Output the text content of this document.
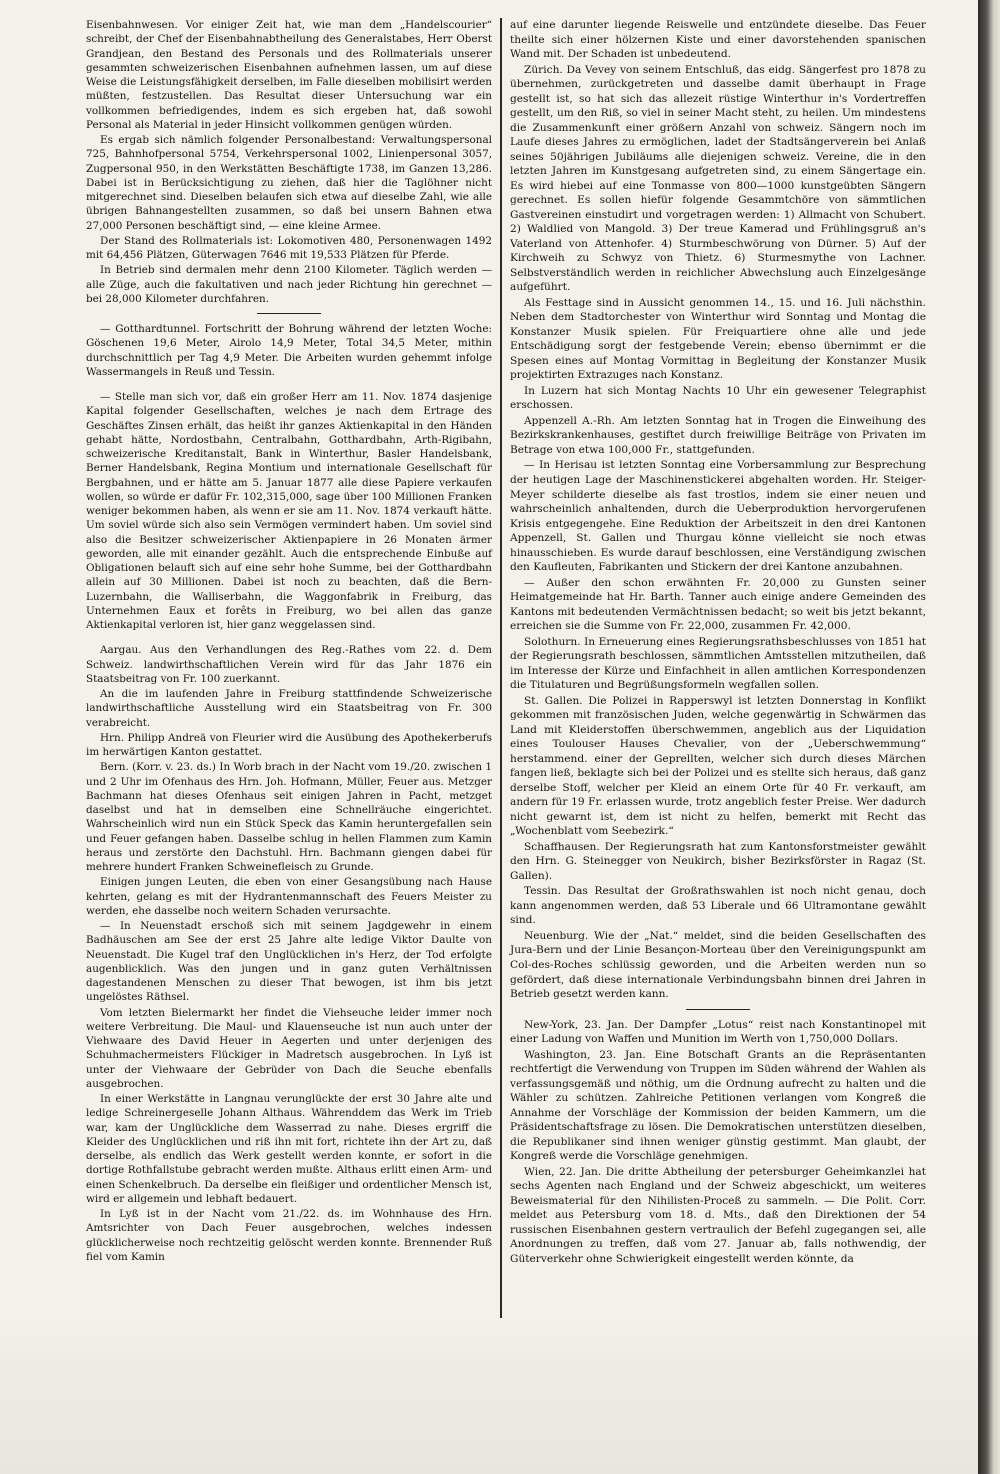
Eisenbahnwesen. Vor einiger Zeit hat, wie man dem „Handelscourier“ schreibt, der Chef der Eisenbahnabtheilung des Generalstabes, Herr Oberst Grandjean, den Bestand des Personals und des Rollmaterials unserer gesammten schweizerischen Eisenbahnen aufnehmen lassen, um auf diese Weise die Leistungsfähigkeit derselben, im Falle dieselben mobilisirt werden müßten, festzustellen. Das Resultat dieser Untersuchung war ein vollkommen befriedigendes, indem es sich ergeben hat, daß sowohl Personal als Material in jeder Hinsicht vollkommen genügen würden.

Es ergab sich nämlich folgender Personalbestand: Verwaltungspersonal 725, Bahnhofpersonal 5754, Verkehrspersonal 1002, Linienpersonal 3057, Zugpersonal 950, in den Werkstätten Beschäftigte 1738, im Ganzen 13,286. Dabei ist in Berücksichtigung zu ziehen, daß hier die Taglöhner nicht mitgerechnet sind. Dieselben belaufen sich etwa auf dieselbe Zahl, wie alle übrigen Bahnangestellten zusammen, so daß bei unsern Bahnen etwa 27,000 Personen beschäftigt sind, — eine kleine Armee.

Der Stand des Rollmaterials ist: Lokomotiven 480, Personenwagen 1492 mit 64,456 Plätzen, Güterwagen 7646 mit 19,533 Plätzen für Pferde.

In Betrieb sind dermalen mehr denn 2100 Kilometer. Täglich werden — alle Züge, auch die fakultativen und nach jeder Richtung hin gerechnet — bei 28,000 Kilometer durchfahren.

— Gotthardtunnel. Fortschritt der Bohrung während der letzten Woche: Göschenen 19,6 Meter, Airolo 14,9 Meter, Total 34,5 Meter, mithin durchschnittlich per Tag 4,9 Meter. Die Arbeiten wurden gehemmt infolge Wassermangels in Reuß und Tessin.

— Stelle man sich vor, daß ein großer Herr am 11. Nov. 1874 dasjenige Kapital folgender Gesellschaften, welches je nach dem Ertrage des Geschäftes Zinsen erhält, das heißt ihr ganzes Aktienkapital in den Händen gehabt hätte, Nordostbahn, Centralbahn, Gotthardbahn, Arth-Rigibahn, schweizerische Kreditanstalt, Bank in Winterthur, Basler Handelsbank, Berner Handelsbank, Regina Montium und internationale Gesellschaft für Bergbahnen, und er hätte am 5. Januar 1877 alle diese Papiere verkaufen wollen, so würde er dafür Fr. 102,315,000, sage über 100 Millionen Franken weniger bekommen haben, als wenn er sie am 11. Nov. 1874 verkauft hätte. Um soviel würde sich also sein Vermögen vermindert haben. Um soviel sind also die Besitzer schweizerischer Aktienpapiere in 26 Monaten ärmer geworden, alle mit einander gezählt. Auch die entsprechende Einbuße auf Obligationen belauft sich auf eine sehr hohe Summe, bei der Gotthardbahn allein auf 30 Millionen. Dabei ist noch zu beachten, daß die Bern-Luzernbahn, die Walliserbahn, die Waggonfabrik in Freiburg, das Unternehmen Eaux et forêts in Freiburg, wo bei allen das ganze Aktienkapital verloren ist, hier ganz weggelassen sind.

Aargau. Aus den Verhandlungen des Reg.-Rathes vom 22. d. Dem Schweiz. landwirthschaftlichen Verein wird für das Jahr 1876 ein Staatsbeitrag von Fr. 100 zuerkannt.

An die im laufenden Jahre in Freiburg stattfindende Schweizerische landwirthschaftliche Ausstellung wird ein Staatsbeitrag von Fr. 300 verabreicht.

Hrn. Philipp Andreä von Fleurier wird die Ausübung des Apothekerberufs im herwärtigen Kanton gestattet.

Bern. (Korr. v. 23. ds.) In Worb brach in der Nacht vom 19./20. zwischen 1 und 2 Uhr im Ofenhaus des Hrn. Joh. Hofmann, Müller, Feuer aus. Metzger Bachmann hat dieses Ofenhaus seit einigen Jahren in Pacht, metzget daselbst und hat in demselben eine Schnellräuche eingerichtet. Wahrscheinlich wird nun ein Stück Speck das Kamin heruntergefallen sein und Feuer gefangen haben. Dasselbe schlug in hellen Flammen zum Kamin heraus und zerstörte den Dachstuhl. Hrn. Bachmann giengen dabei für mehrere hundert Franken Schweinefleisch zu Grunde.

Einigen jungen Leuten, die eben von einer Gesangsübung nach Hause kehrten, gelang es mit der Hydrantenmannschaft des Feuers Meister zu werden, ehe dasselbe noch weitern Schaden verursachte.

— In Neuenstadt erschoß sich mit seinem Jagdgewehr in einem Badhäuschen am See der erst 25 Jahre alte ledige Viktor Daulte von Neuenstadt. Die Kugel traf den Unglücklichen in's Herz, der Tod erfolgte augenblicklich. Was den jungen und in ganz guten Verhältnissen dagestandenen Menschen zu dieser That bewogen, ist ihm bis jetzt ungelöstes Räthsel.

Vom letzten Bielermarkt her findet die Viehseuche leider immer noch weitere Verbreitung. Die Maul- und Klauenseuche ist nun auch unter der Viehwaare des David Heuer in Aegerten und unter derjenigen des Schuhmachermeisters Flückiger in Madretsch ausgebrochen. In Lyß ist unter der Viehwaare der Gebrüder von Dach die Seuche ebenfalls ausgebrochen.

In einer Werkstätte in Langnau verunglückte der erst 30 Jahre alte und ledige Schreinergeselle Johann Althaus. Währenddem das Werk im Trieb war, kam der Unglückliche dem Wasserrad zu nahe. Dieses ergriff die Kleider des Unglücklichen und riß ihn mit fort, richtete ihn der Art zu, daß derselbe, als endlich das Werk gestellt werden konnte, er sofort in die dortige Rothfallstube gebracht werden mußte. Althaus erlitt einen Arm- und einen Schenkelbruch. Da derselbe ein fleißiger und ordentlicher Mensch ist, wird er allgemein und lebhaft bedauert.

In Lyß ist in der Nacht vom 21./22. ds. im Wohnhause des Hrn. Amtsrichter von Dach Feuer ausgebrochen, welches indessen glücklicherweise noch rechtzeitig gelöscht werden konnte. Brennender Ruß fiel vom Kamin

auf eine darunter liegende Reiswelle und entzündete dieselbe. Das Feuer theilte sich einer hölzernen Kiste und einer davorstehenden spanischen Wand mit. Der Schaden ist unbedeutend.

Zürich. Da Vevey von seinem Entschluß, das eidg. Sängerfest pro 1878 zu übernehmen, zurückgetreten und dasselbe damit überhaupt in Frage gestellt ist, so hat sich das allezeit rüstige Winterthur in's Vordertreffen gestellt, um den Riß, so viel in seiner Macht steht, zu heilen. Um mindestens die Zusammenkunft einer größern Anzahl von schweiz. Sängern noch im Laufe dieses Jahres zu ermöglichen, ladet der Stadtsängerverein bei Anlaß seines 50jährigen Jubiläums alle diejenigen schweiz. Vereine, die in den letzten Jahren im Kunstgesang aufgetreten sind, zu einem Sängertage ein. Es wird hiebei auf eine Tonmasse von 800—1000 kunstgeübten Sängern gerechnet. Es sollen hiefür folgende Gesammtchöre von sämmtlichen Gastvereinen einstudirt und vorgetragen werden: 1) Allmacht von Schubert. 2) Waldlied von Mangold. 3) Der treue Kamerad und Frühlingsgruß an's Vaterland von Attenhofer. 4) Sturmbeschwörung von Dürner. 5) Auf der Kirchweih zu Schwyz von Thietz. 6) Sturmesmythe von Lachner. Selbstverständlich werden in reichlicher Abwechslung auch Einzelgesänge aufgeführt.

Als Festtage sind in Aussicht genommen 14., 15. und 16. Juli nächsthin. Neben dem Stadtorchester von Winterthur wird Sonntag und Montag die Konstanzer Musik spielen. Für Freiquartiere ohne alle und jede Entschädigung sorgt der festgebende Verein; ebenso übernimmt er die Spesen eines auf Montag Vormittag in Begleitung der Konstanzer Musik projektirten Extrazuges nach Konstanz.

In Luzern hat sich Montag Nachts 10 Uhr ein gewesener Telegraphist erschossen.

Appenzell A.-Rh. Am letzten Sonntag hat in Trogen die Einweihung des Bezirkskrankenhauses, gestiftet durch freiwillige Beiträge von Privaten im Betrage von etwa 100,000 Fr., stattgefunden.

— In Herisau ist letzten Sonntag eine Vorbersammlung zur Besprechung der heutigen Lage der Maschinenstickerei abgehalten worden. Hr. Steiger-Meyer schilderte dieselbe als fast trostlos, indem sie einer neuen und wahrscheinlich anhaltenden, durch die Ueberproduktion hervorgerufenen Krisis entgegengehe. Eine Reduktion der Arbeitszeit in den drei Kantonen Appenzell, St. Gallen und Thurgau könne vielleicht sie noch etwas hinausschieben. Es wurde darauf beschlossen, eine Verständigung zwischen den Kaufleuten, Fabrikanten und Stickern der drei Kantone anzubahnen.

— Außer den schon erwähnten Fr. 20,000 zu Gunsten seiner Heimatgemeinde hat Hr. Barth. Tanner auch einige andere Gemeinden des Kantons mit bedeutenden Vermächtnissen bedacht; so weit bis jetzt bekannt, erreichen sie die Summe von Fr. 22,000, zusammen Fr. 42,000.

Solothurn. In Erneuerung eines Regierungsrathsbeschlusses von 1851 hat der Regierungsrath beschlossen, sämmtlichen Amtsstellen mitzutheilen, daß im Interesse der Kürze und Einfachheit in allen amtlichen Korrespondenzen die Titulaturen und Begrüßungsformeln wegfallen sollen.

St. Gallen. Die Polizei in Rapperswyl ist letzten Donnerstag in Konflikt gekommen mit französischen Juden, welche gegenwärtig in Schwärmen das Land mit Kleiderstoffen überschwemmen, angeblich aus der Liquidation eines Toulouser Hauses Chevalier, von der „Ueberschwemmung“ herstammend. einer der Geprellten, welcher sich durch dieses Märchen fangen ließ, beklagte sich bei der Polizei und es stellte sich heraus, daß ganz derselbe Stoff, welcher per Kleid an einem Orte für 40 Fr. verkauft, am andern für 19 Fr. erlassen wurde, trotz angeblich fester Preise. Wer dadurch nicht gewarnt ist, dem ist nicht zu helfen, bemerkt mit Recht das „Wochenblatt vom Seebezirk.“

Schaffhausen. Der Regierungsrath hat zum Kantonsforstmeister gewählt den Hrn. G. Steinegger von Neukirch, bisher Bezirksförster in Ragaz (St. Gallen).

Tessin. Das Resultat der Großrathswahlen ist noch nicht genau, doch kann angenommen werden, daß 53 Liberale und 66 Ultramontane gewählt sind.

Neuenburg. Wie der „Nat.“ meldet, sind die beiden Gesellschaften des Jura-Bern und der Linie Besançon-Morteau über den Vereinigungspunkt am Col-des-Roches schlüssig geworden, und die Arbeiten werden nun so gefördert, daß diese internationale Verbindungsbahn binnen drei Jahren in Betrieb gesetzt werden kann.

New-York, 23. Jan. Der Dampfer „Lotus“ reist nach Konstantinopel mit einer Ladung von Waffen und Munition im Werth von 1,750,000 Dollars.

Washington, 23. Jan. Eine Botschaft Grants an die Repräsentanten rechtfertigt die Verwendung von Truppen im Süden während der Wahlen als verfassungsgemäß und nöthig, um die Ordnung aufrecht zu halten und die Wähler zu schützen. Zahlreiche Petitionen verlangen vom Kongreß die Annahme der Vorschläge der Kommission der beiden Kammern, um die Präsidentschaftsfrage zu lösen. Die Demokratischen unterstützen dieselben, die Republikaner sind ihnen weniger günstig gestimmt. Man glaubt, der Kongreß werde die Vorschläge genehmigen.

Wien, 22. Jan. Die dritte Abtheilung der petersburger Geheimkanzlei hat sechs Agenten nach England und der Schweiz abgeschickt, um weiteres Beweismaterial für den Nihilisten-Proceß zu sammeln. — Die Polit. Corr. meldet aus Petersburg vom 18. d. Mts., daß den Direktionen der 54 russischen Eisenbahnen gestern vertraulich der Befehl zugegangen sei, alle Anordnungen zu treffen, daß vom 27. Januar ab, falls nothwendig, der Güterverkehr ohne Schwierigkeit eingestellt werden könnte, da
